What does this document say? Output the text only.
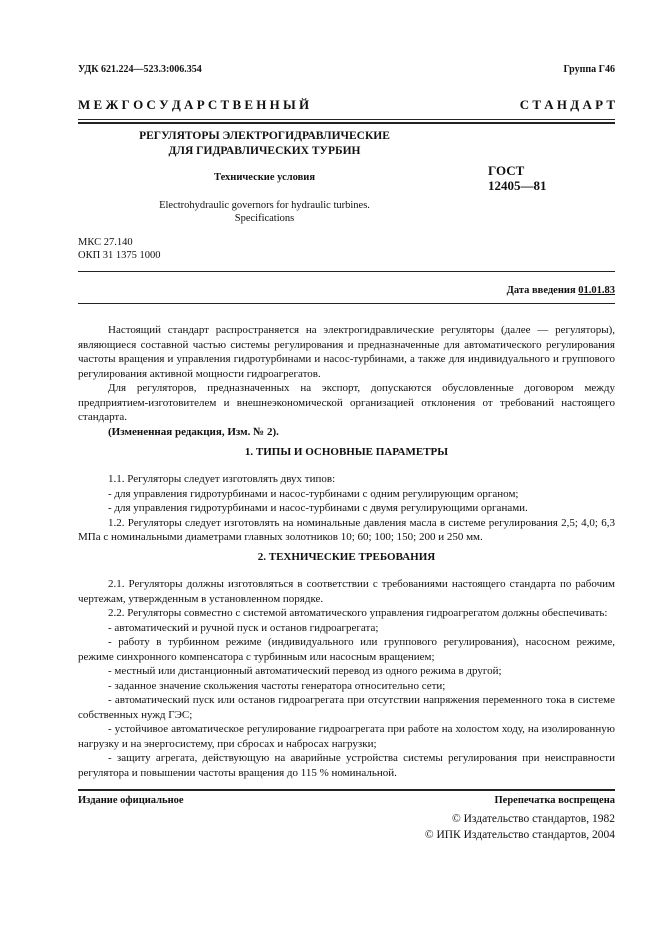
УДК 621.224—523.3:006.354	Группа Г46
М Е Ж Г О С У Д А Р С Т В Е Н Н Ы Й	С Т А Н Д А Р Т
РЕГУЛЯТОРЫ ЭЛЕКТРОГИДРАВЛИЧЕСКИЕ
ДЛЯ ГИДРАВЛИЧЕСКИХ ТУРБИН
Технические условия
Electrohydraulic governors for hydraulic turbines.
Specifications
ГОСТ
12405—81
МКС 27.140
ОКП 31 1375 1000
Дата введения 01.01.83

Настоящий стандарт распространяется на электрогидравлические регуляторы (далее — регуляторы), являющиеся составной частью системы регулирования и предназначенные для автоматического регулирования частоты вращения и управления гидротурбинами и насос-турбинами, а также для индивидуального и группового регулирования активной мощности гидроагрегатов.

Для регуляторов, предназначенных на экспорт, допускаются обусловленные договором между предприятием-изготовителем и внешнеэкономической организацией отклонения от требований настоящего стандарта.

(Измененная редакция, Изм. № 2).

1. ТИПЫ И ОСНОВНЫЕ ПАРАМЕТРЫ

1.1. Регуляторы следует изготовлять двух типов:

- для управления гидротурбинами и насос-турбинами с одним регулирующим органом;

- для управления гидротурбинами и насос-турбинами с двумя регулирующими органами.

1.2. Регуляторы следует изготовлять на номинальные давления масла в системе регулирования 2,5; 4,0; 6,3 МПа с номинальными диаметрами главных золотников 10; 60; 100; 150; 200 и 250 мм.

2. ТЕХНИЧЕСКИЕ ТРЕБОВАНИЯ

2.1. Регуляторы должны изготовляться в соответствии с требованиями настоящего стандарта по рабочим чертежам, утвержденным в установленном порядке.

2.2. Регуляторы совместно с системой автоматического управления гидроагрегатом должны обеспечивать:

- автоматический и ручной пуск и останов гидроагрегата;

- работу в турбинном режиме (индивидуального или группового регулирования), насосном режиме, режиме синхронного компенсатора с турбинным или насосным вращением;

- местный или дистанционный автоматический перевод из одного режима в другой;

- заданное значение скольжения частоты генератора относительно сети;

- автоматический пуск или останов гидроагрегата при отсутствии напряжения переменного тока в системе собственных нужд ГЭС;

- устойчивое автоматическое регулирование гидроагрегата при работе на холостом ходу, на изолированную нагрузку и на энергосистему, при сбросах и набросах нагрузки;

- защиту агрегата, действующую на аварийные устройства системы регулирования при неисправности регулятора и повышении частоты вращения до 115 % номинальной.

Издание официальное	Перепечатка воспрещена
© Издательство стандартов, 1982
© ИПК Издательство стандартов, 2004
